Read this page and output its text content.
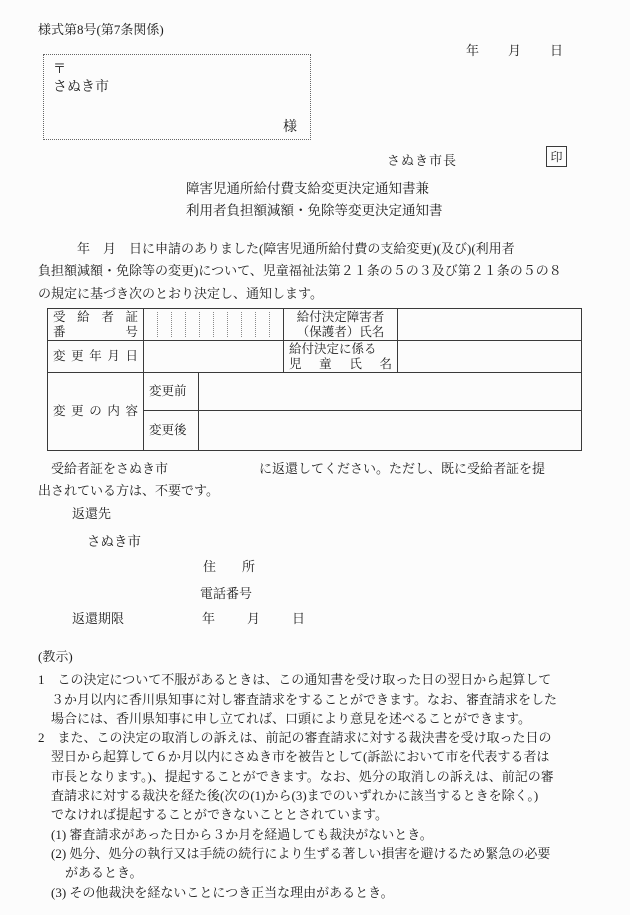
様式第8号(第7条関係)
年 月 日
〒
さぬき市
様
さぬき市長	印
障害児通所給付費支給変更決定通知書兼
利用者負担額減額・免除等変更決定通知書
　　　年　月　日に申請のありました(障害児通所給付費の支給変更)(及び)(利用者
負担額減額・免除等の変更)について、児童福祉法第２１条の５の３及び第２１条の５の８
の規定に基づき次のとおり決定し、通知します。
受給者証
番号
給付決定障害者
（保護者）氏名
変更年月日
給付決定に係る
児童氏名
変更の内容
変更前
変更後
　受給者証をさぬき市　　　　　　　に返還してください。ただし、既に受給者証を提
出されている方は、不要です。
返還先
さぬき市
住　　所
電話番号
返還期限	年 月 日
(教示)
1　この決定について不服があるときは、この通知書を受け取った日の翌日から起算して
３か月以内に香川県知事に対し審査請求をすることができます。なお、審査請求をした
場合には、香川県知事に申し立てれば、口頭により意見を述べることができます。
2　また、この決定の取消しの訴えは、前記の審査請求に対する裁決書を受け取った日の
翌日から起算して６か月以内にさぬき市を被告として(訴訟において市を代表する者は
市長となります。)、提起することができます。なお、処分の取消しの訴えは、前記の審
査請求に対する裁決を経た後(次の(1)から(3)までのいずれかに該当するときを除く。)
でなければ提起することができないこととされています。
(1) 審査請求があった日から３か月を経過しても裁決がないとき。
(2) 処分、処分の執行又は手続の続行により生ずる著しい損害を避けるため緊急の必要
があるとき。
(3) その他裁決を経ないことにつき正当な理由があるとき。
